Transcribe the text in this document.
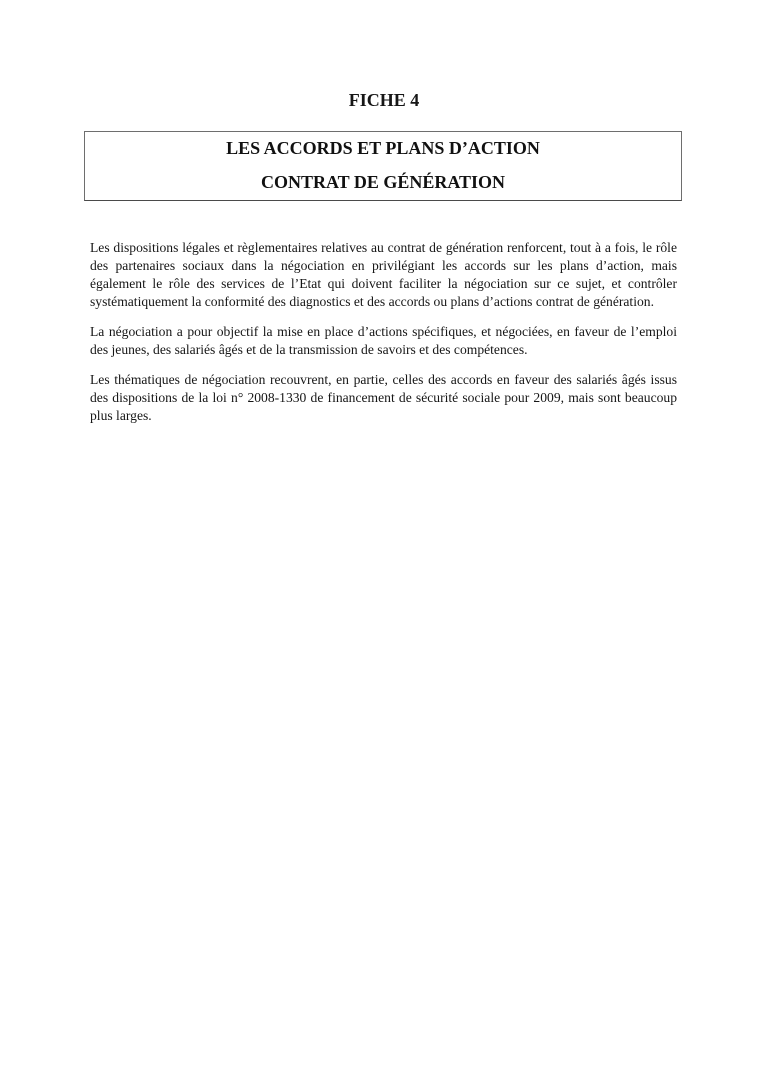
FICHE 4
LES ACCORDS ET PLANS D’ACTION
CONTRAT DE GÉNÉRATION

Les dispositions légales et règlementaires relatives au contrat de génération renforcent, tout à a fois, le rôle des partenaires sociaux dans la négociation en privilégiant les accords sur les plans d’action, mais également le rôle des services de l’Etat qui doivent faciliter la négociation sur ce sujet, et contrôler systématiquement la conformité des diagnostics et des accords ou plans d’actions contrat de génération.

La négociation a pour objectif la mise en place d’actions spécifiques, et négociées, en faveur de l’emploi des jeunes, des salariés âgés et de la transmission de savoirs et des compétences.

Les thématiques de négociation recouvrent, en partie, celles des accords en faveur des salariés âgés issus des dispositions de la loi n° 2008-1330 de financement de sécurité sociale pour 2009, mais sont beaucoup plus larges.
